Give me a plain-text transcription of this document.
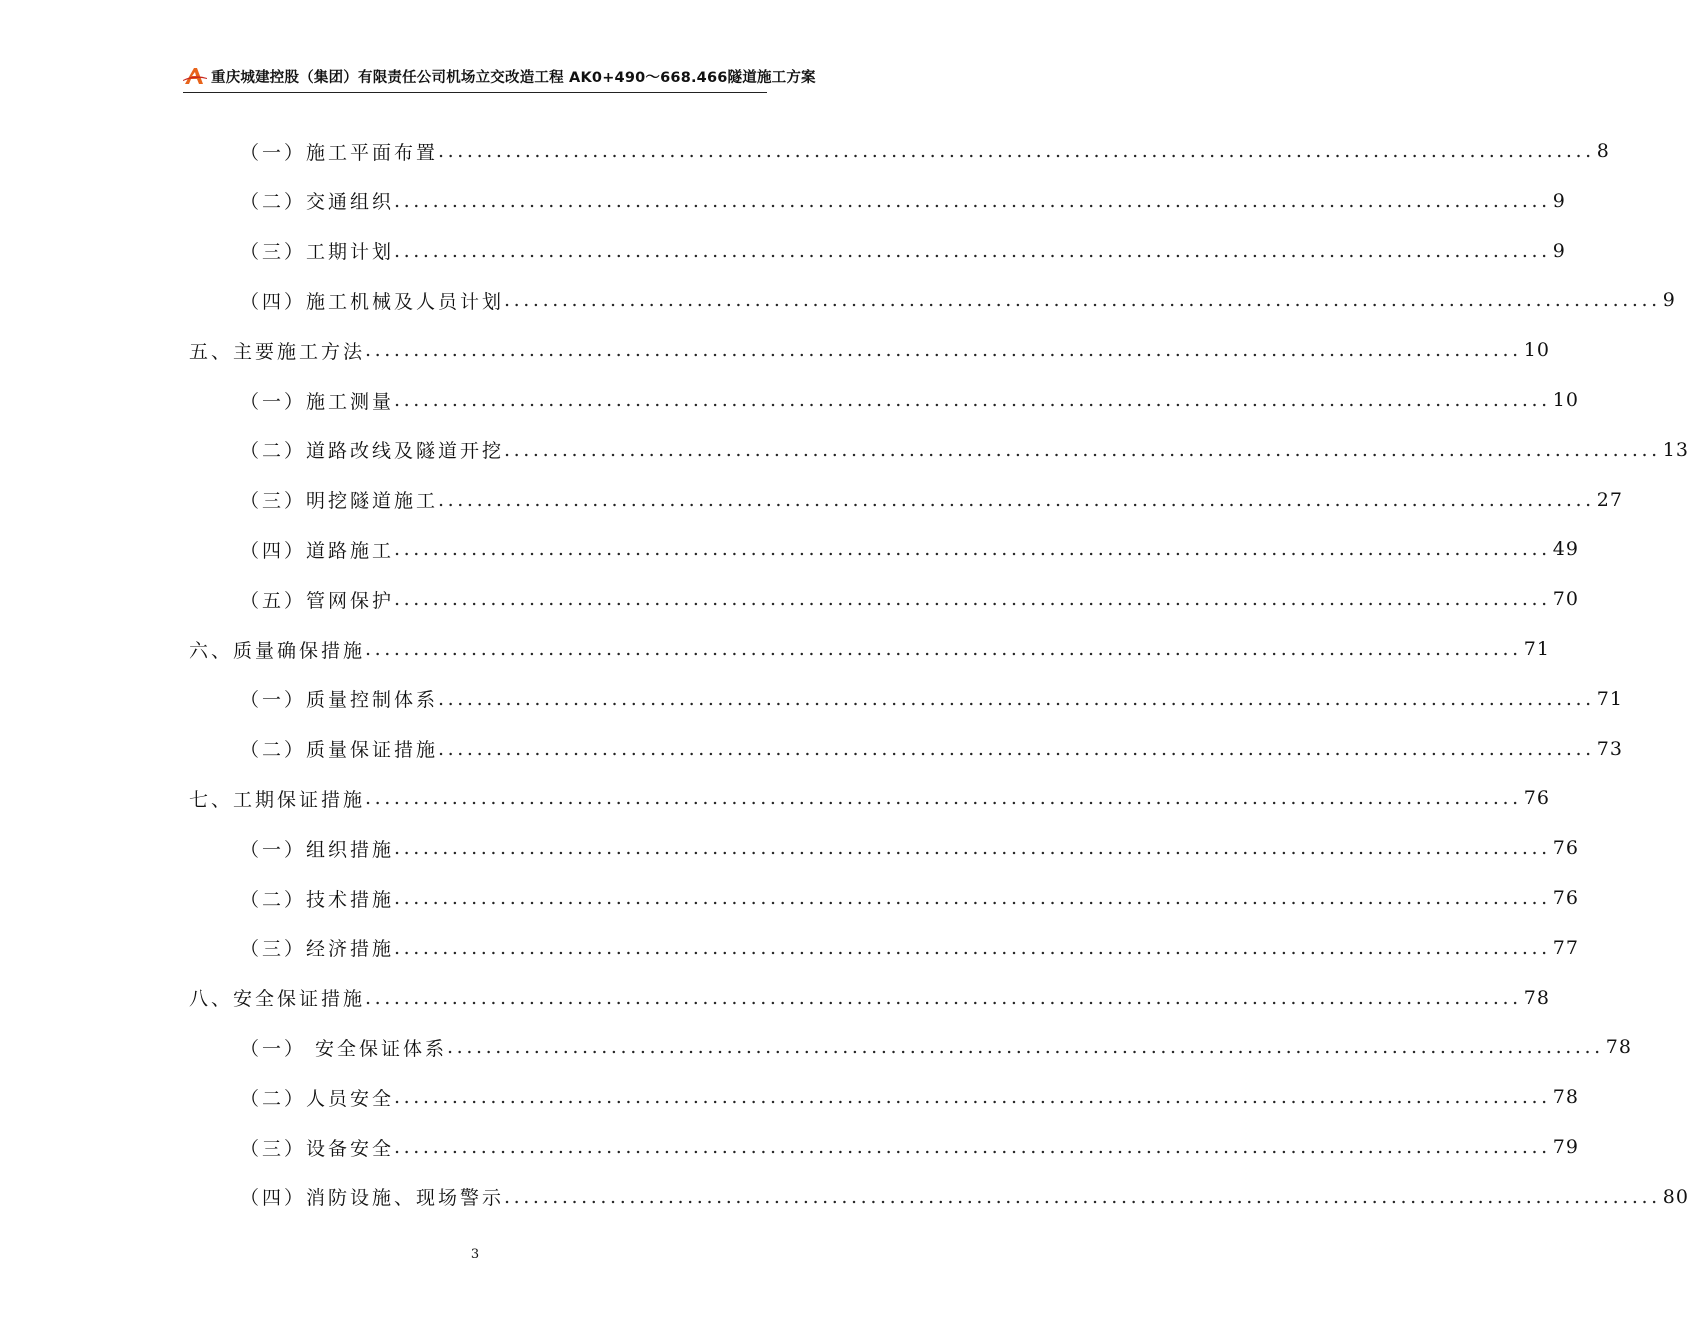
重庆城建控股（集团）有限责任公司机场立交改造工程 AK0+490～668.466隧道施工方案
（一）施工平面布置 ........................................................................................................................ 8
（二）交通组织 ........................................................................................................................ 9
（三）工期计划 ........................................................................................................................ 9
（四）施工机械及人员计划 ........................................................................................................................ 9
五、主要施工方法 ........................................................................................................................ 10
（一）施工测量 ........................................................................................................................ 10
（二）道路改线及隧道开挖 ........................................................................................................................ 13
（三）明挖隧道施工 ........................................................................................................................ 27
（四）道路施工 ........................................................................................................................ 49
（五）管网保护 ........................................................................................................................ 70
六、质量确保措施 ........................................................................................................................ 71
（一）质量控制体系 ........................................................................................................................ 71
（二）质量保证措施 ........................................................................................................................ 73
七、工期保证措施 ........................................................................................................................ 76
（一）组织措施 ........................................................................................................................ 76
（二）技术措施 ........................................................................................................................ 76
（三）经济措施 ........................................................................................................................ 77
八、安全保证措施 ........................................................................................................................ 78
（一） 安全保证体系 ........................................................................................................................ 78
（二）人员安全 ........................................................................................................................ 78
（三）设备安全 ........................................................................................................................ 79
（四）消防设施、现场警示 ........................................................................................................................ 80
3
